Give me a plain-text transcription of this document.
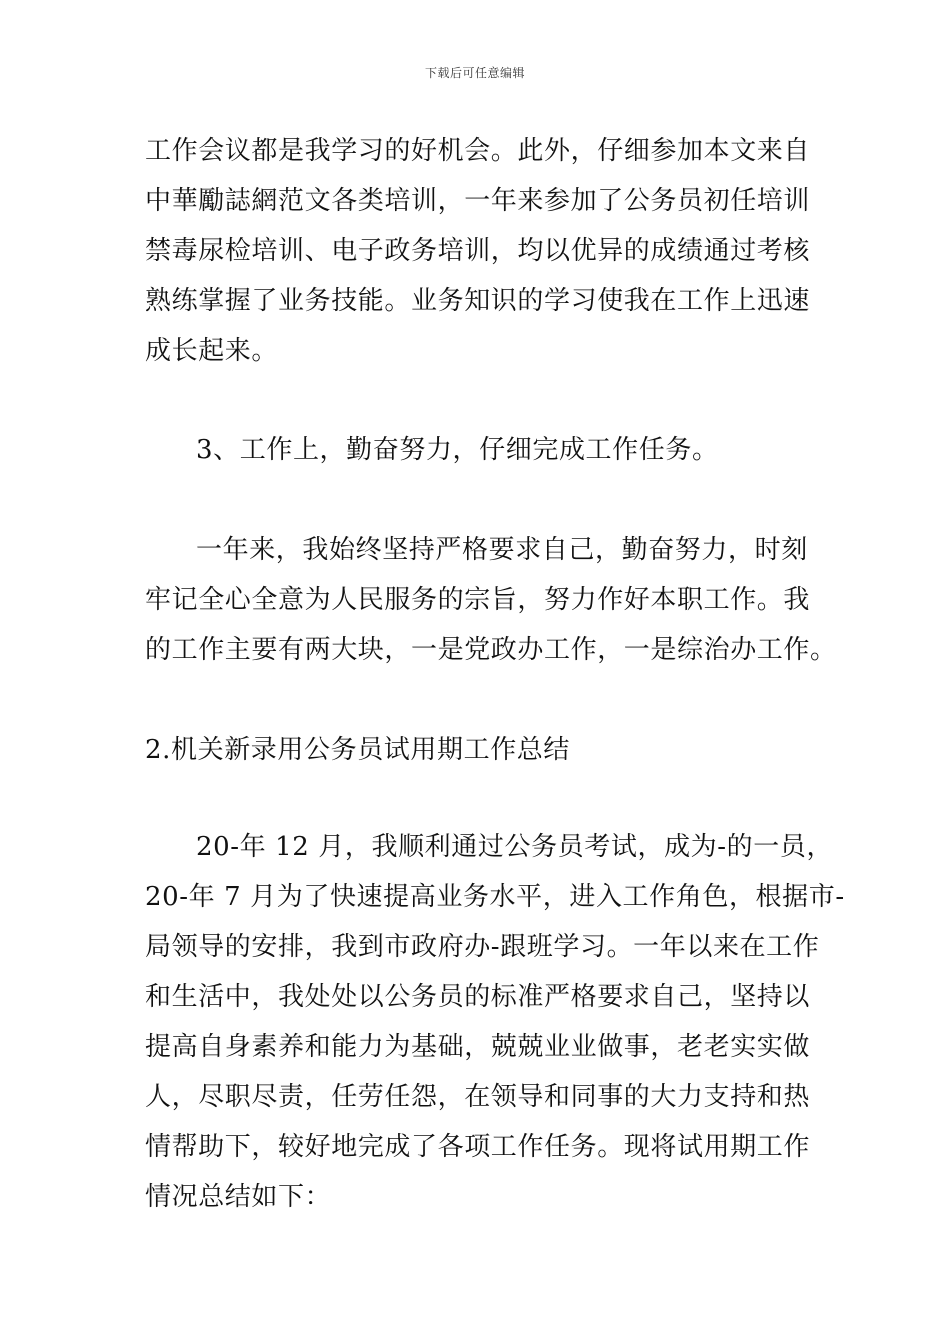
下载后可任意编辑
工作会议都是我学习的好机会。此外，仔细参加本文来自
中華勵誌網范文各类培训，一年来参加了公务员初任培训
禁毒尿检培训、电子政务培训，均以优异的成绩通过考核
熟练掌握了业务技能。业务知识的学习使我在工作上迅速
成长起来。
3、工作上，勤奋努力，仔细完成工作任务。
一年来，我始终坚持严格要求自己，勤奋努力，时刻
牢记全心全意为人民服务的宗旨，努力作好本职工作。我
的工作主要有两大块，一是党政办工作，一是综治办工作。
2.机关新录用公务员试用期工作总结
20-年 12 月，我顺利通过公务员考试，成为-的一员，
20-年 7 月为了快速提高业务水平，进入工作角色，根据市-
局领导的安排，我到市政府办-跟班学习。一年以来在工作
和生活中，我处处以公务员的标准严格要求自己，坚持以
提高自身素养和能力为基础，兢兢业业做事，老老实实做
人，尽职尽责，任劳任怨，在领导和同事的大力支持和热
情帮助下，较好地完成了各项工作任务。现将试用期工作
情况总结如下：
